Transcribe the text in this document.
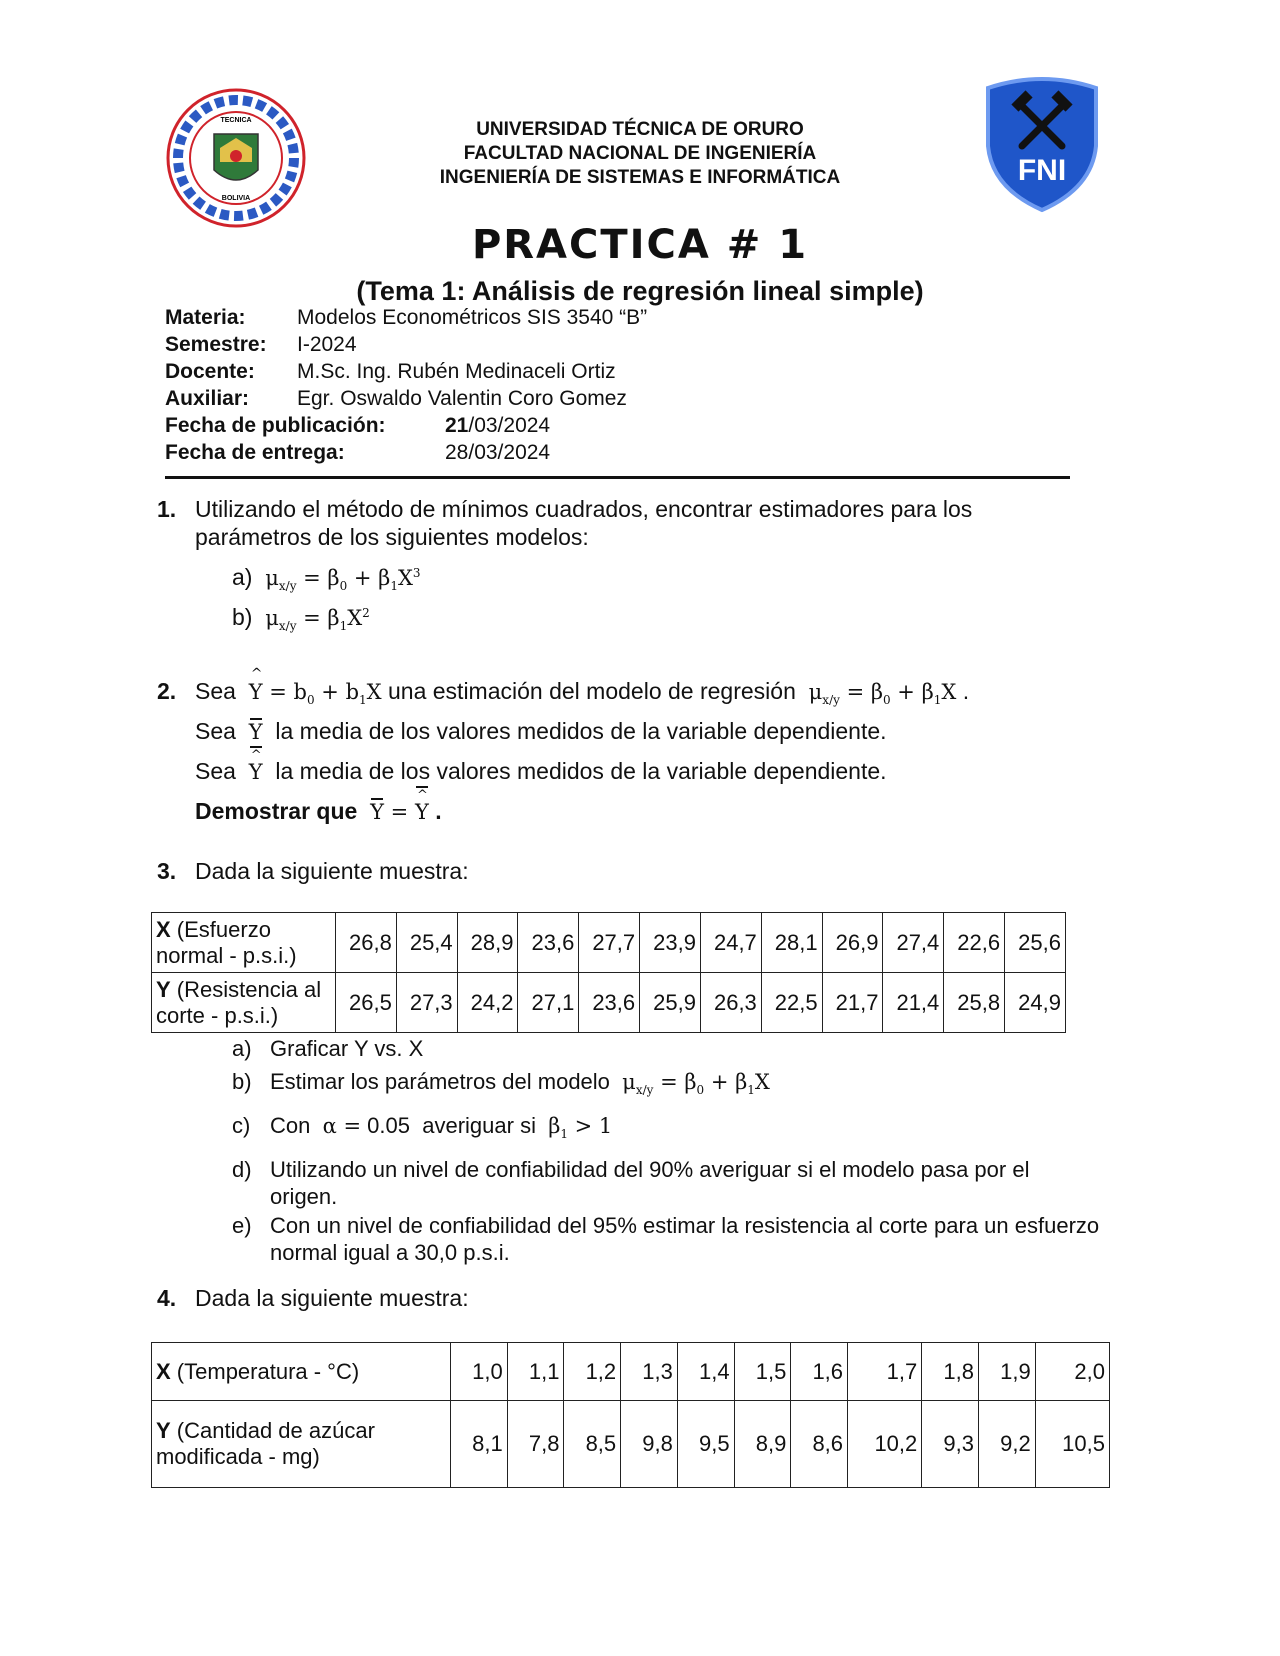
TECNICA
BOLIVIA
UNIVERSIDAD TÉCNICA DE ORURO
FACULTAD NACIONAL DE INGENIERÍA
INGENIERÍA DE SISTEMAS E INFORMÁTICA	FNI
PRACTICA # 1
(Tema 1: Análisis de regresión lineal simple)
Materia: Modelos Econométricos SIS 3540 “B”
Semestre: I-2024
Docente: M.Sc. Ing. Rubén Medinaceli Ortiz
Auxiliar: Egr. Oswaldo Valentin Coro Gomez
Fecha de publicación:	21/03/2024
Fecha de entrega:	28/03/2024
1. Utilizando el método de mínimos cuadrados, encontrar estimadores para los
parámetros de los siguientes modelos:
a) $\mu_{x/y} = \beta_0 + \beta_1X^3$
b) $\mu_{x/y} = \beta_1X^2$
2. Sea ^ $Y = b_0 + b_1X$ una estimación del modelo de regresión $\mu_{x/y} = \beta_0 + \beta_1X$ .
Sea Y la media de los valores medidos de la variable dependiente.
Sea ^ Y la media de los valores medidos de la variable dependiente.
Demostrar que Y = ^ Y .
3. Dada la siguiente muestra:
X (Esfuerzo normal - p.s.i.)	26,8	25,4	28,9	23,6	27,7	23,9	24,7	28,1	26,9	27,4	22,6	25,6
Y (Resistencia al corte - p.s.i.)	26,5	27,3	24,2	27,1	23,6	25,9	26,3	22,5	21,7	21,4	25,8	24,9
a) Graficar Y vs. X
b) Estimar los parámetros del modelo $\mu_{x/y} = \beta_0 + \beta_1X$
c) Con α = 0.05 averiguar si $\beta_1 > 1$
d) Utilizando un nivel de confiabilidad del 90% averiguar si el modelo pasa por el origen.
e) Con un nivel de confiabilidad del 95% estimar la resistencia al corte para un esfuerzo normal igual a 30,0 p.s.i.
4. Dada la siguiente muestra:
X (Temperatura - °C)	1,0	1,1	1,2	1,3	1,4	1,5	1,6	1,7	1,8	1,9	2,0
Y (Cantidad de azúcar modificada - mg)	8,1	7,8	8,5	9,8	9,5	8,9	8,6	10,2	9,3	9,2	10,5
